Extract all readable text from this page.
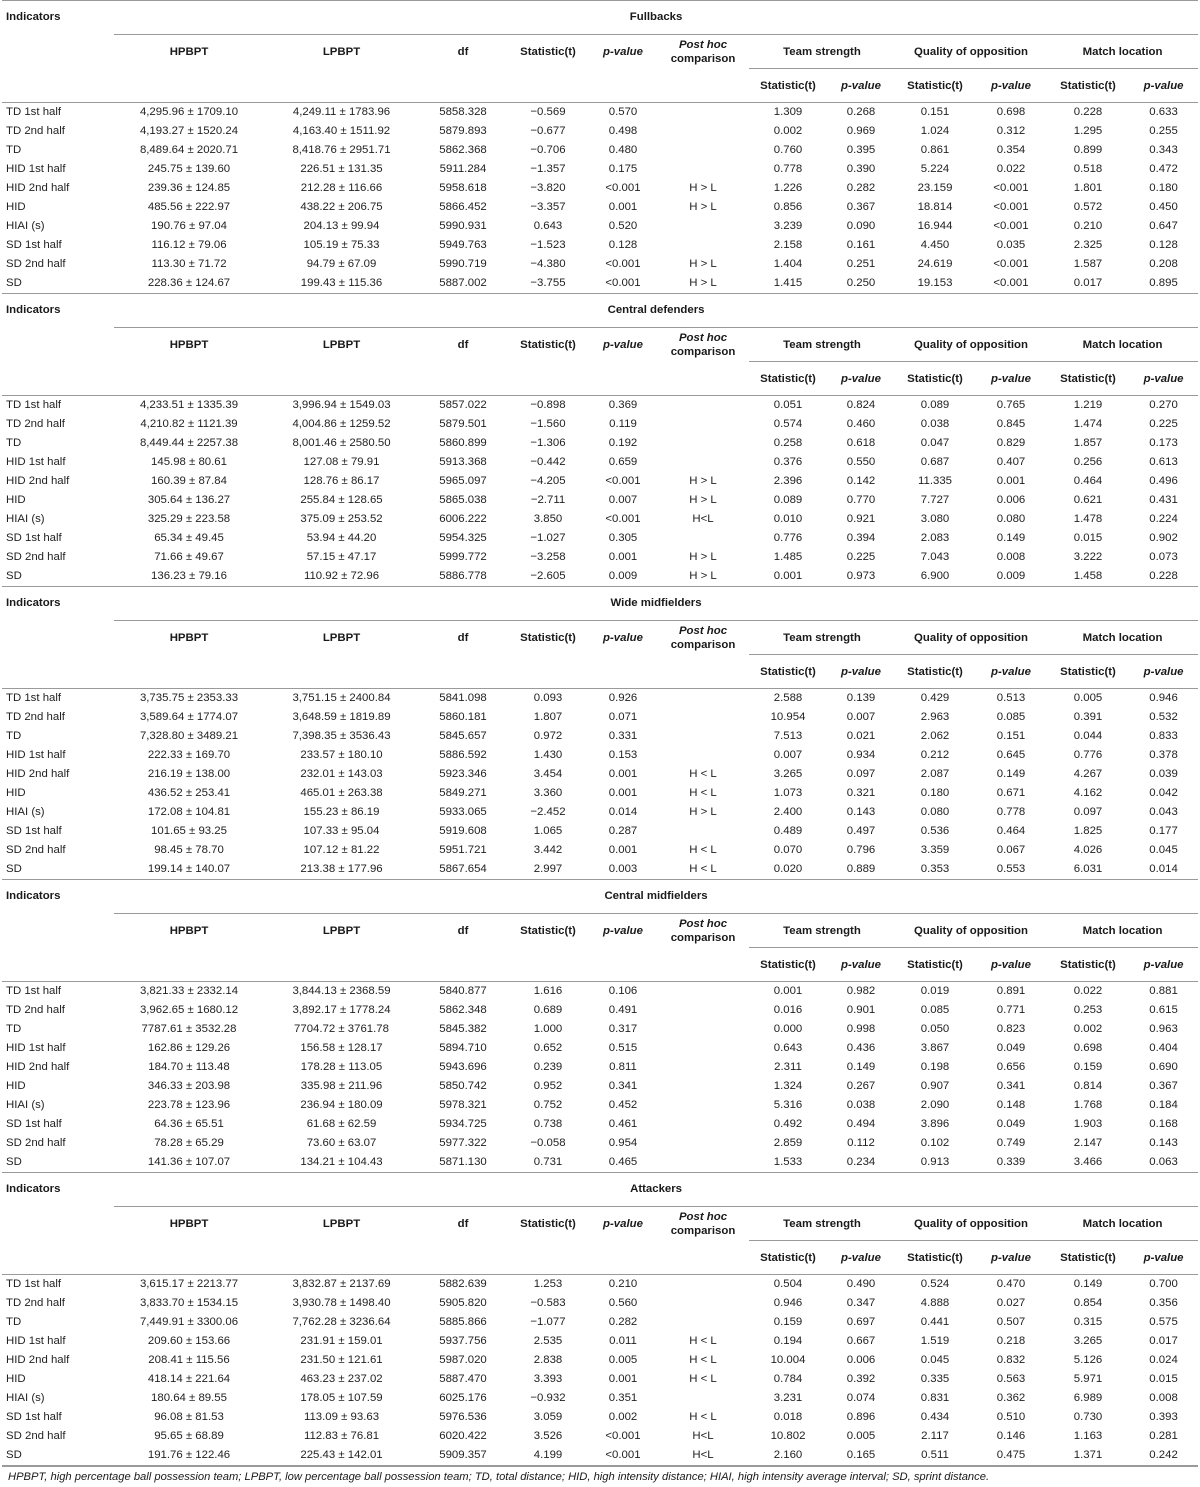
Indicators	Fullbacks											
	HPBPT	LPBPT	df	Statistic(t)	p-value	Post hoc
comparison	Team strength		Quality of opposition		Match location	
							Statistic(t)	p-value	Statistic(t)	p-value	Statistic(t)	p-value
TD 1st half	4,295.96 ± 1709.10	4,249.11 ± 1783.96	5858.328	−0.569	0.570		1.309	0.268	0.151	0.698	0.228	0.633
TD 2nd half	4,193.27 ± 1520.24	4,163.40 ± 1511.92	5879.893	−0.677	0.498		0.002	0.969	1.024	0.312	1.295	0.255
TD	8,489.64 ± 2020.71	8,418.76 ± 2951.71	5862.368	−0.706	0.480		0.760	0.395	0.861	0.354	0.899	0.343
HID 1st half	245.75 ± 139.60	226.51 ± 131.35	5911.284	−1.357	0.175		0.778	0.390	5.224	0.022	0.518	0.472
HID 2nd half	239.36 ± 124.85	212.28 ± 116.66	5958.618	−3.820	<0.001	H > L	1.226	0.282	23.159	<0.001	1.801	0.180
HID	485.56 ± 222.97	438.22 ± 206.75	5866.452	−3.357	0.001	H > L	0.856	0.367	18.814	<0.001	0.572	0.450
HIAI (s)	190.76 ± 97.04	204.13 ± 99.94	5990.931	0.643	0.520		3.239	0.090	16.944	<0.001	0.210	0.647
SD 1st half	116.12 ± 79.06	105.19 ± 75.33	5949.763	−1.523	0.128		2.158	0.161	4.450	0.035	2.325	0.128
SD 2nd half	113.30 ± 71.72	94.79 ± 67.09	5990.719	−4.380	<0.001	H > L	1.404	0.251	24.619	<0.001	1.587	0.208
SD	228.36 ± 124.67	199.43 ± 115.36	5887.002	−3.755	<0.001	H > L	1.415	0.250	19.153	<0.001	0.017	0.895
Indicators	Central defenders											
	HPBPT	LPBPT	df	Statistic(t)	p-value	Post hoc
comparison	Team strength		Quality of opposition		Match location	
							Statistic(t)	p-value	Statistic(t)	p-value	Statistic(t)	p-value
TD 1st half	4,233.51 ± 1335.39	3,996.94 ± 1549.03	5857.022	−0.898	0.369		0.051	0.824	0.089	0.765	1.219	0.270
TD 2nd half	4,210.82 ± 1121.39	4,004.86 ± 1259.52	5879.501	−1.560	0.119		0.574	0.460	0.038	0.845	1.474	0.225
TD	8,449.44 ± 2257.38	8,001.46 ± 2580.50	5860.899	−1.306	0.192		0.258	0.618	0.047	0.829	1.857	0.173
HID 1st half	145.98 ± 80.61	127.08 ± 79.91	5913.368	−0.442	0.659		0.376	0.550	0.687	0.407	0.256	0.613
HID 2nd half	160.39 ± 87.84	128.76 ± 86.17	5965.097	−4.205	<0.001	H > L	2.396	0.142	11.335	0.001	0.464	0.496
HID	305.64 ± 136.27	255.84 ± 128.65	5865.038	−2.711	0.007	H > L	0.089	0.770	7.727	0.006	0.621	0.431
HIAI (s)	325.29 ± 223.58	375.09 ± 253.52	6006.222	3.850	<0.001	H<L	0.010	0.921	3.080	0.080	1.478	0.224
SD 1st half	65.34 ± 49.45	53.94 ± 44.20	5954.325	−1.027	0.305		0.776	0.394	2.083	0.149	0.015	0.902
SD 2nd half	71.66 ± 49.67	57.15 ± 47.17	5999.772	−3.258	0.001	H > L	1.485	0.225	7.043	0.008	3.222	0.073
SD	136.23 ± 79.16	110.92 ± 72.96	5886.778	−2.605	0.009	H > L	0.001	0.973	6.900	0.009	1.458	0.228
Indicators	Wide midfielders											
	HPBPT	LPBPT	df	Statistic(t)	p-value	Post hoc
comparison	Team strength		Quality of opposition		Match location	
							Statistic(t)	p-value	Statistic(t)	p-value	Statistic(t)	p-value
TD 1st half	3,735.75 ± 2353.33	3,751.15 ± 2400.84	5841.098	0.093	0.926		2.588	0.139	0.429	0.513	0.005	0.946
TD 2nd half	3,589.64 ± 1774.07	3,648.59 ± 1819.89	5860.181	1.807	0.071		10.954	0.007	2.963	0.085	0.391	0.532
TD	7,328.80 ± 3489.21	7,398.35 ± 3536.43	5845.657	0.972	0.331		7.513	0.021	2.062	0.151	0.044	0.833
HID 1st half	222.33 ± 169.70	233.57 ± 180.10	5886.592	1.430	0.153		0.007	0.934	0.212	0.645	0.776	0.378
HID 2nd half	216.19 ± 138.00	232.01 ± 143.03	5923.346	3.454	0.001	H < L	3.265	0.097	2.087	0.149	4.267	0.039
HID	436.52 ± 253.41	465.01 ± 263.38	5849.271	3.360	0.001	H < L	1.073	0.321	0.180	0.671	4.162	0.042
HIAI (s)	172.08 ± 104.81	155.23 ± 86.19	5933.065	−2.452	0.014	H > L	2.400	0.143	0.080	0.778	0.097	0.043
SD 1st half	101.65 ± 93.25	107.33 ± 95.04	5919.608	1.065	0.287		0.489	0.497	0.536	0.464	1.825	0.177
SD 2nd half	98.45 ± 78.70	107.12 ± 81.22	5951.721	3.442	0.001	H < L	0.070	0.796	3.359	0.067	4.026	0.045
SD	199.14 ± 140.07	213.38 ± 177.96	5867.654	2.997	0.003	H < L	0.020	0.889	0.353	0.553	6.031	0.014
Indicators	Central midfielders											
	HPBPT	LPBPT	df	Statistic(t)	p-value	Post hoc
comparison	Team strength		Quality of opposition		Match location	
							Statistic(t)	p-value	Statistic(t)	p-value	Statistic(t)	p-value
TD 1st half	3,821.33 ± 2332.14	3,844.13 ± 2368.59	5840.877	1.616	0.106		0.001	0.982	0.019	0.891	0.022	0.881
TD 2nd half	3,962.65 ± 1680.12	3,892.17 ± 1778.24	5862.348	0.689	0.491		0.016	0.901	0.085	0.771	0.253	0.615
TD	7787.61 ± 3532.28	7704.72 ± 3761.78	5845.382	1.000	0.317		0.000	0.998	0.050	0.823	0.002	0.963
HID 1st half	162.86 ± 129.26	156.58 ± 128.17	5894.710	0.652	0.515		0.643	0.436	3.867	0.049	0.698	0.404
HID 2nd half	184.70 ± 113.48	178.28 ± 113.05	5943.696	0.239	0.811		2.311	0.149	0.198	0.656	0.159	0.690
HID	346.33 ± 203.98	335.98 ± 211.96	5850.742	0.952	0.341		1.324	0.267	0.907	0.341	0.814	0.367
HIAI (s)	223.78 ± 123.96	236.94 ± 180.09	5978.321	0.752	0.452		5.316	0.038	2.090	0.148	1.768	0.184
SD 1st half	64.36 ± 65.51	61.68 ± 62.59	5934.725	0.738	0.461		0.492	0.494	3.896	0.049	1.903	0.168
SD 2nd half	78.28 ± 65.29	73.60 ± 63.07	5977.322	−0.058	0.954		2.859	0.112	0.102	0.749	2.147	0.143
SD	141.36 ± 107.07	134.21 ± 104.43	5871.130	0.731	0.465		1.533	0.234	0.913	0.339	3.466	0.063
Indicators	Attackers											
	HPBPT	LPBPT	df	Statistic(t)	p-value	Post hoc
comparison	Team strength		Quality of opposition		Match location	
							Statistic(t)	p-value	Statistic(t)	p-value	Statistic(t)	p-value
TD 1st half	3,615.17 ± 2213.77	3,832.87 ± 2137.69	5882.639	1.253	0.210		0.504	0.490	0.524	0.470	0.149	0.700
TD 2nd half	3,833.70 ± 1534.15	3,930.78 ± 1498.40	5905.820	−0.583	0.560		0.946	0.347	4.888	0.027	0.854	0.356
TD	7,449.91 ± 3300.06	7,762.28 ± 3236.64	5885.866	−1.077	0.282		0.159	0.697	0.441	0.507	0.315	0.575
HID 1st half	209.60 ± 153.66	231.91 ± 159.01	5937.756	2.535	0.011	H < L	0.194	0.667	1.519	0.218	3.265	0.017
HID 2nd half	208.41 ± 115.56	231.50 ± 121.61	5987.020	2.838	0.005	H < L	10.004	0.006	0.045	0.832	5.126	0.024
HID	418.14 ± 221.64	463.23 ± 237.02	5887.470	3.393	0.001	H < L	0.784	0.392	0.335	0.563	5.971	0.015
HIAI (s)	180.64 ± 89.55	178.05 ± 107.59	6025.176	−0.932	0.351		3.231	0.074	0.831	0.362	6.989	0.008
SD 1st half	96.08 ± 81.53	113.09 ± 93.63	5976.536	3.059	0.002	H < L	0.018	0.896	0.434	0.510	0.730	0.393
SD 2nd half	95.65 ± 68.89	112.83 ± 76.81	6020.422	3.526	<0.001	H<L	10.802	0.005	2.117	0.146	1.163	0.281
SD	191.76 ± 122.46	225.43 ± 142.01	5909.357	4.199	<0.001	H<L	2.160	0.165	0.511	0.475	1.371	0.242
HPBPT, high percentage ball possession team; LPBPT, low percentage ball possession team; TD, total distance; HID, high intensity distance; HIAI, high intensity average interval; SD, sprint distance.
